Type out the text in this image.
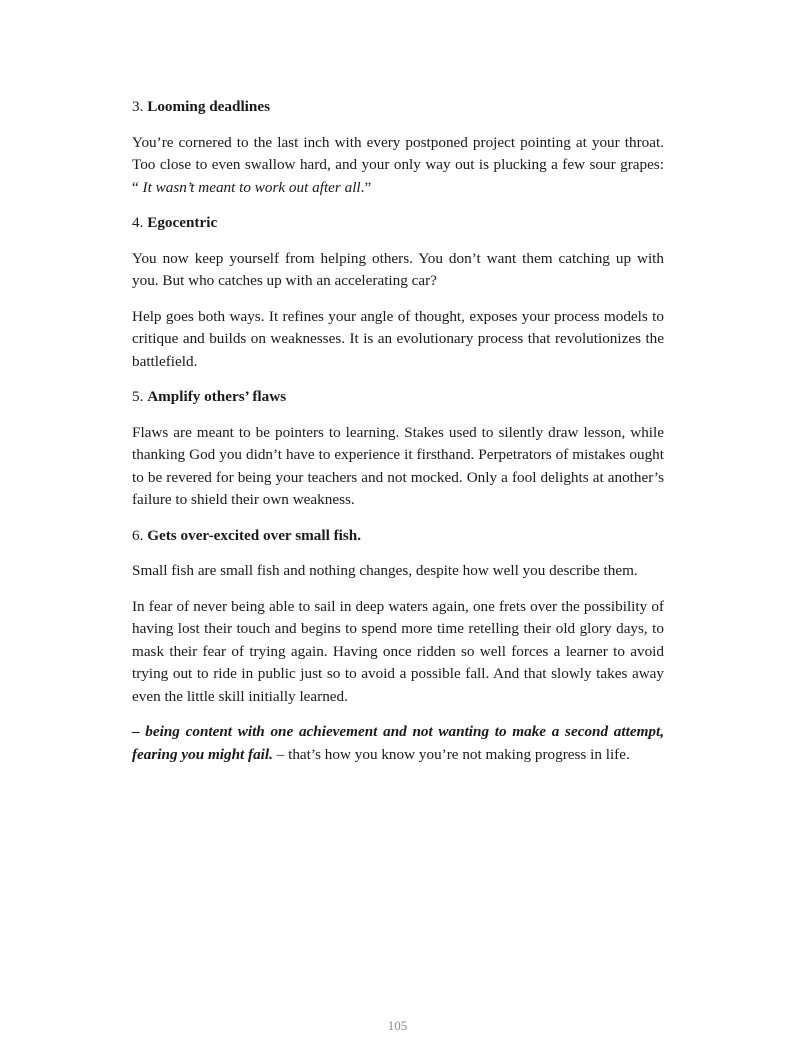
3. Looming deadlines

You’re cornered to the last inch with every postponed project pointing at your throat. Too close to even swallow hard, and your only way out is plucking a few sour grapes: “ It wasn’t meant to work out after all.”

4. Egocentric

You now keep yourself from helping others. You don’t want them catching up with you. But who catches up with an accelerating car?

Help goes both ways. It refines your angle of thought, exposes your process models to critique and builds on weaknesses. It is an evolutionary process that revolutionizes the battlefield.

5. Amplify others’ flaws

Flaws are meant to be pointers to learning. Stakes used to silently draw lesson, while thanking God you didn’t have to experience it firsthand. Perpetrators of mistakes ought to be revered for being your teachers and not mocked. Only a fool delights at another’s failure to shield their own weakness.

6. Gets over-excited over small fish.

Small fish are small fish and nothing changes, despite how well you describe them.

In fear of never being able to sail in deep waters again, one frets over the possibility of having lost their touch and begins to spend more time retelling their old glory days, to mask their fear of trying again. Having once ridden so well forces a learner to avoid trying out to ride in public just so to avoid a possible fall. And that slowly takes away even the little skill initially learned.

– being content with one achievement and not wanting to make a second attempt, fearing you might fail. – that’s how you know you’re not making progress in life.

105
